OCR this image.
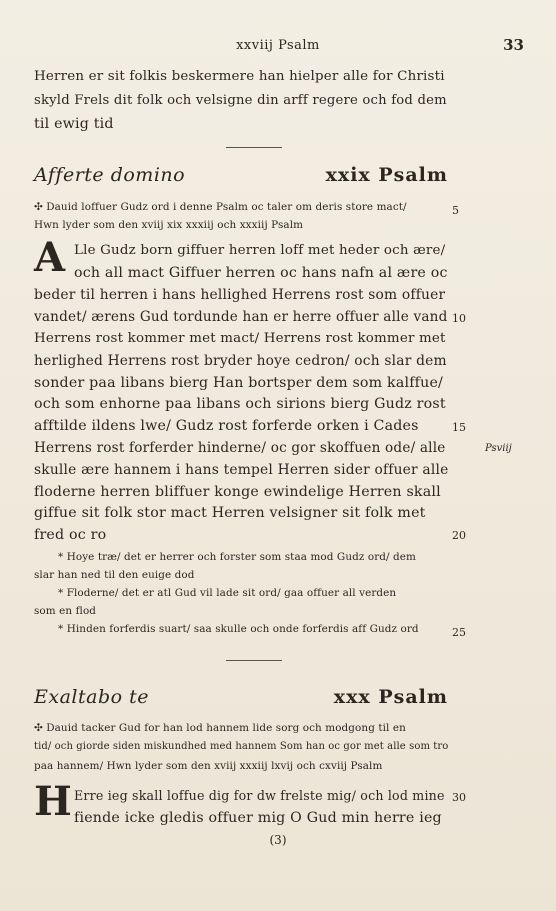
xxviij Psalm	33
Herren er sit folkis beskermere han hielper alle for Christi
skyld Frels dit folk och velsigne din arff regere och fod dem
til ewig tid
Afferte domino	xxix Psalm
✣ Dauid loffuer Gudz ord i denne Psalm oc taler om deris store mact/	5
Hwn lyder som den xviij xix xxxiij och xxxiij Psalm
A Lle Gudz born giffuer herren loff met heder och ære/
och all mact Giffuer herren oc hans nafn al ære oc
beder til herren i hans hellighed Herrens rost som offuer
vandet/ ærens Gud tordunde han er herre offuer alle vand 10
Herrens rost kommer met mact/ Herrens rost kommer met
herlighed Herrens rost bryder hoye cedron/ och slar dem
sonder paa libans bierg Han bortsper dem som kalffue/
och som enhorne paa libans och sirions bierg Gudz rost
afftilde ildens lwe/ Gudz rost forferde orken i Cades	15
Herrens rost forferder hinderne/ oc gor skoffuen ode/ alle	Psviij
skulle ære hannem i hans tempel Herren sider offuer alle
floderne herren bliffuer konge ewindelige Herren skall
giffue sit folk stor mact Herren velsigner sit folk met
fred oc ro	20
* Hoye træ/ det er herrer och forster som staa mod Gudz ord/ dem
slar han ned til den euige dod
* Floderne/ det er atl Gud vil lade sit ord/ gaa offuer all verden
som en flod
* Hinden forferdis suart/ saa skulle och onde forferdis aff Gudz ord	25
Exaltabo te	xxx Psalm
✣ Dauid tacker Gud for han lod hannem lide sorg och modgong til en
tid/ och giorde siden miskundhed med hannem Som han oc gor met alle som tro
paa hannem/ Hwn lyder som den xviij xxxiij lxvij och cxviij Psalm
H Erre ieg skall loffue dig for dw frelste mig/ och lod mine 30
fiende icke gledis offuer mig O Gud min herre ieg
(3)
